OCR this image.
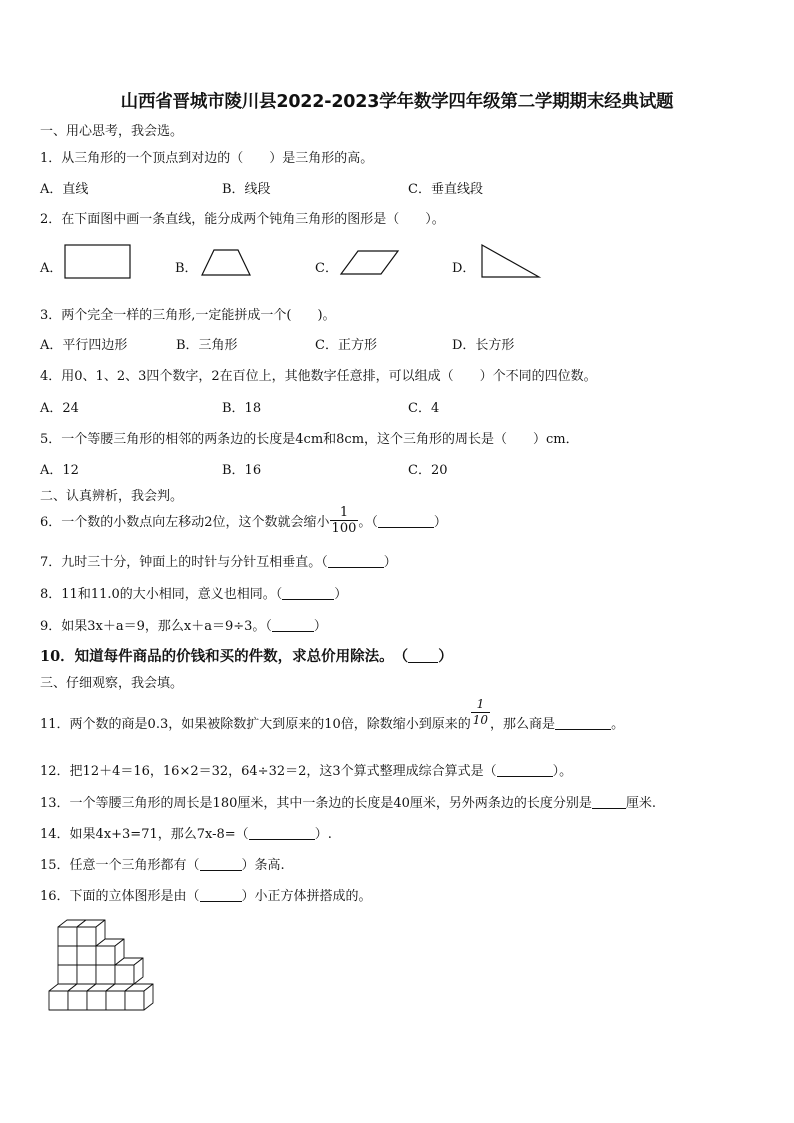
山西省晋城市陵川县2022-2023学年数学四年级第二学期期末经典试题
一、用心思考，我会选。
1．从三角形的一个顶点到对边的（　　）是三角形的高。
A．直线	B．线段	C．垂直线段
2．在下面图中画一条直线，能分成两个钝角三角形的图形是（　　）。
A．	B．	C．	D．
3．两个完全一样的三角形,一定能拼成一个(　　)。
A．平行四边形	B．三角形	C．正方形	D．长方形
4．用0、1、2、3四个数字，2在百位上，其他数字任意排，可以组成（　　）个不同的四位数。
A．24	B．18	C．4
5．一个等腰三角形的相邻的两条边的长度是4cm和8cm，这个三角形的周长是（　　）cm．
A．12	B．16	C．20
二、认真辨析，我会判。
6．一个数的小数点向左移动2位，这个数就会缩小 $\frac{1}{100}$ 。（	）
7．九时三十分，钟面上的时针与分针互相垂直。（	）
8．11和11.0的大小相同，意义也相同。（	）
9．如果3x＋a＝9，那么x＋a＝9÷3。（	）
10．知道每件商品的价钱和买的件数，求总价用除法。　（ ）
三、仔细观察，我会填。
11．两个数的商是0.3，如果被除数扩大到原来的10倍，除数缩小到原来的 $\frac{1}{10}$ ，那么商是	。
12．把12＋4＝16，16×2＝32，64÷32＝2，这3个算式整理成综合算式是（	）。
13．一个等腰三角形的周长是180厘米，其中一条边的长度是40厘米，另外两条边的长度分别是	厘米.
14．如果4x+3=71，那么7x-8=（	）.
15．任意一个三角形都有（	）条高.
16．下面的立体图形是由（	）小正方体拼搭成的。
